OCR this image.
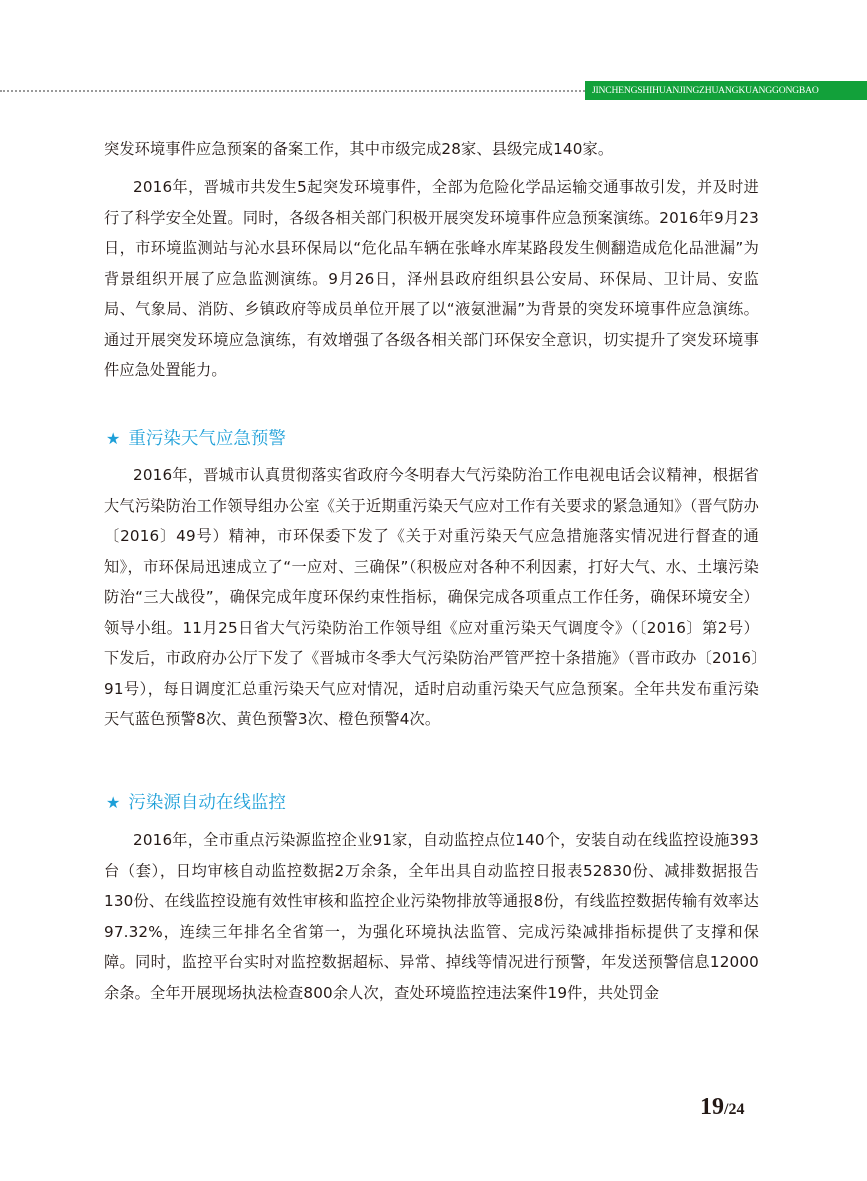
JINCHENGSHIHUANJINGZHUANGKUANGGONGBAO

突发环境事件应急预案的备案工作，其中市级完成28家、县级完成140家。

2016年，晋城市共发生5起突发环境事件，全部为危险化学品运输交通事故引发，并及时进行了科学安全处置。同时，各级各相关部门积极开展突发环境事件应急预案演练。2016年9月23日，市环境监测站与沁水县环保局以“危化品车辆在张峰水库某路段发生侧翻造成危化品泄漏”为背景组织开展了应急监测演练。9月26日，泽州县政府组织县公安局、环保局、卫计局、安监局、气象局、消防、乡镇政府等成员单位开展了以“液氨泄漏”为背景的突发环境事件应急演练。通过开展突发环境应急演练，有效增强了各级各相关部门环保安全意识，切实提升了突发环境事件应急处置能力。

★ 重污染天气应急预警

2016年，晋城市认真贯彻落实省政府今冬明春大气污染防治工作电视电话会议精神，根据省大气污染防治工作领导组办公室《关于近期重污染天气应对工作有关要求的紧急通知》（晋气防办〔2016〕49号）精神，市环保委下发了《关于对重污染天气应急措施落实情况进行督查的通知》，市环保局迅速成立了“一应对、三确保”（积极应对各种不利因素，打好大气、水、土壤污染防治“三大战役”，确保完成年度环保约束性指标，确保完成各项重点工作任务，确保环境安全）领导小组。11月25日省大气污染防治工作领导组《应对重污染天气调度令》（〔2016〕第2号）下发后，市政府办公厅下发了《晋城市冬季大气污染防治严管严控十条措施》（晋市政办〔2016〕91号），每日调度汇总重污染天气应对情况，适时启动重污染天气应急预案。全年共发布重污染天气蓝色预警8次、黄色预警3次、橙色预警4次。

★ 污染源自动在线监控

2016年，全市重点污染源监控企业91家，自动监控点位140个，安装自动在线监控设施393台（套），日均审核自动监控数据2万余条，全年出具自动监控日报表52830份、减排数据报告130份、在线监控设施有效性审核和监控企业污染物排放等通报8份，有线监控数据传输有效率达97.32%，连续三年排名全省第一，为强化环境执法监管、完成污染减排指标提供了支撑和保障。同时，监控平台实时对监控数据超标、异常、掉线等情况进行预警，年发送预警信息12000余条。全年开展现场执法检查800余人次，查处环境监控违法案件19件，共处罚金

19/24
